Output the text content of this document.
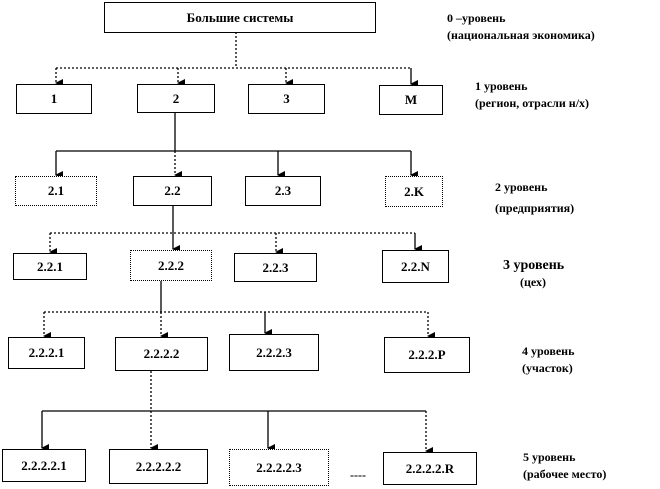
Большие системы
1	2	3	M
2.1	2.2	2.3	2.K
2.2.1	2.2.2	2.2.3	2.2.N
2.2.2.1	2.2.2.2	2.2.2.3	2.2.2.P
2.2.2.2.1	2.2.2.2.2	2.2.2.2.3
----	2.2.2.2.R
0 –уровень
(национальная экономика)
1 уровень
(регион, отрасли н/х)
2 уровень
(предприятия)
3 уровень
(цех)
4 уровень
(участок)
5 уровень
(рабочее место)
